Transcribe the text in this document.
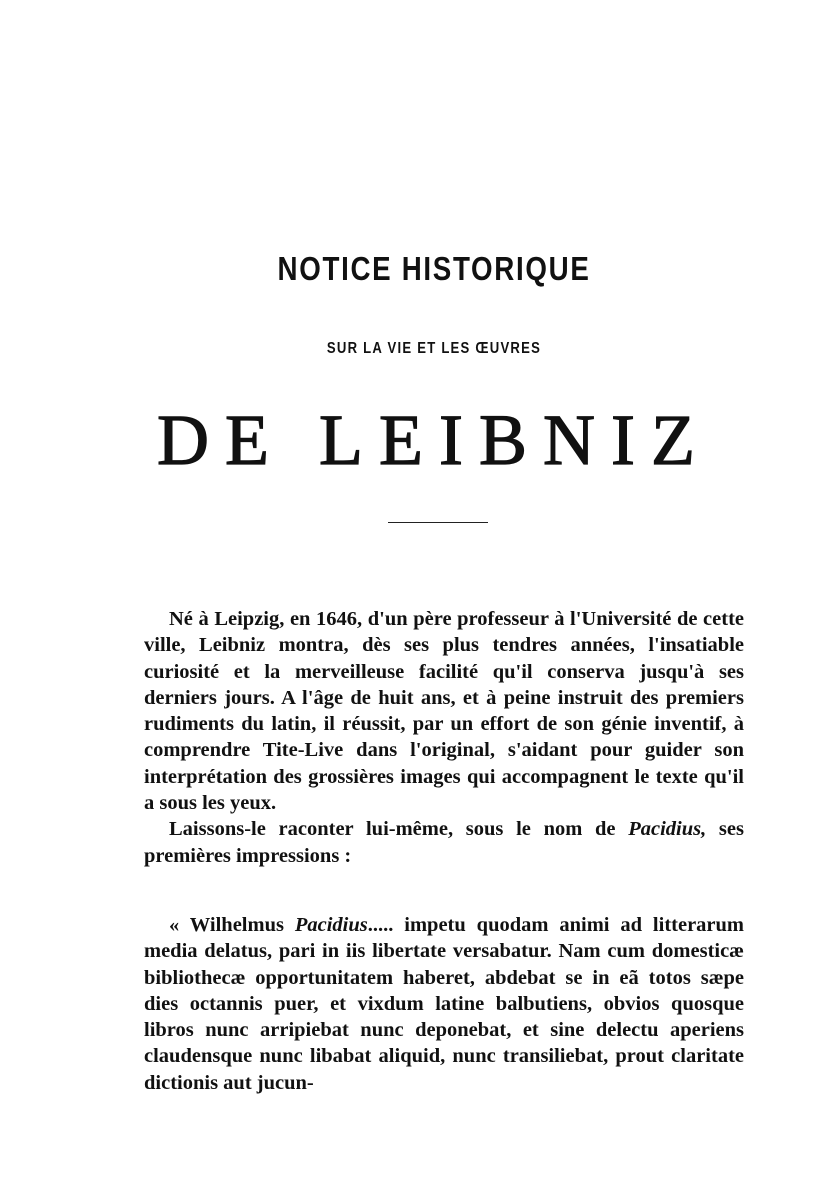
NOTICE HISTORIQUE
SUR LA VIE ET LES ŒUVRES
DE LEIBNIZ

Né à Leipzig, en 1646, d'un père professeur à l'Université de cette ville, Leibniz montra, dès ses plus tendres années, l'insatiable curiosité et la merveilleuse facilité qu'il conserva jusqu'à ses derniers jours. A l'âge de huit ans, et à peine instruit des premiers rudiments du latin, il réussit, par un effort de son génie inventif, à comprendre Tite-Live dans l'original, s'aidant pour guider son interprétation des grossières images qui accompagnent le texte qu'il a sous les yeux.

Laissons-le raconter lui-même, sous le nom de Pacidius, ses premières impressions :

« Wilhelmus Pacidius..... impetu quodam animi ad litterarum media delatus, pari in iis libertate versabatur. Nam cum domesticæ bibliothecæ opportunitatem haberet, abdebat se in eã totos sæpe dies octannis puer, et vixdum latine balbutiens, obvios quosque libros nunc arripiebat nunc deponebat, et sine delectu aperiens claudensque nunc libabat aliquid, nunc transiliebat, prout claritate dictionis aut jucun-
